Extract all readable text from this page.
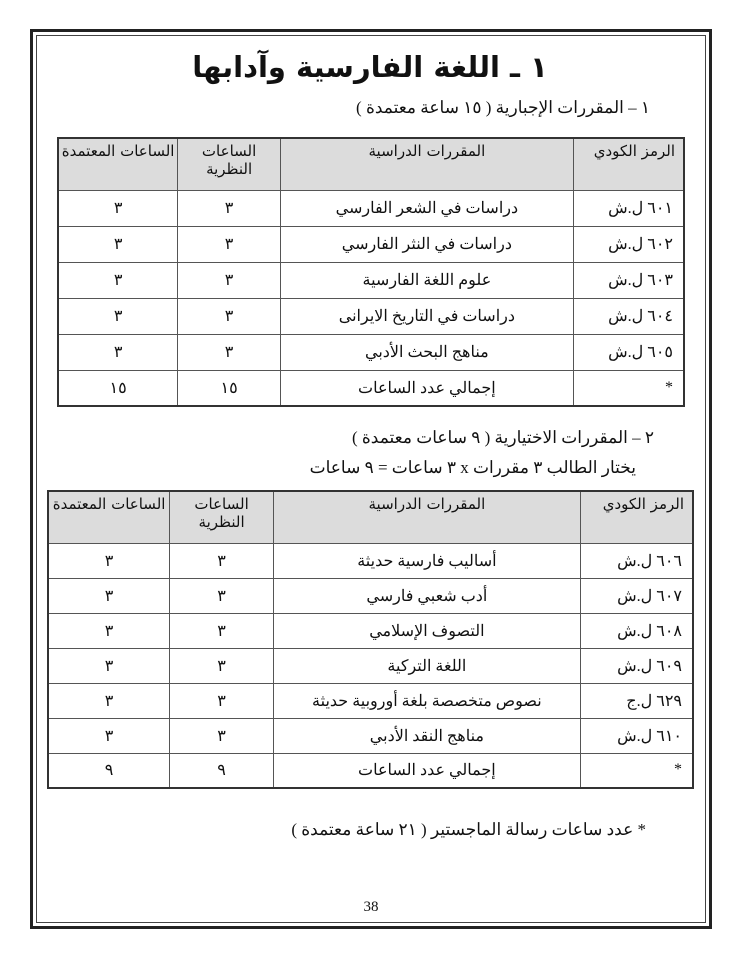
١ ـ اللغة الفارسية وآدابها

١ – المقررات الإجبارية ( ١٥ ساعة معتمدة )

الرمز الكودي	المقررات الدراسية	الساعات النظرية	الساعات المعتمدة
٦٠١ ل.ش	دراسات في الشعر الفارسي	٣	٣
٦٠٢ ل.ش	دراسات في النثر الفارسي	٣	٣
٦٠٣ ل.ش	علوم اللغة الفارسية	٣	٣
٦٠٤ ل.ش	دراسات في التاريخ الايرانى	٣	٣
٦٠٥ ل.ش	مناهج البحث الأدبي	٣	٣
*	إجمالي عدد الساعات	١٥	١٥

٢ – المقررات الاختيارية ( ٩ ساعات معتمدة )

يختار الطالب ٣ مقررات x ٣ ساعات = ٩ ساعات

الرمز الكودي	المقررات الدراسية	الساعات النظرية	الساعات المعتمدة
٦٠٦ ل.ش	أساليب فارسية حديثة	٣	٣
٦٠٧ ل.ش	أدب شعبي فارسي	٣	٣
٦٠٨ ل.ش	التصوف الإسلامي	٣	٣
٦٠٩ ل.ش	اللغة التركية	٣	٣
٦٢٩ ل.ج	نصوص متخصصة بلغة أوروبية حديثة	٣	٣
٦١٠ ل.ش	مناهج النقد الأدبي	٣	٣
*	إجمالي عدد الساعات	٩	٩

* عدد ساعات رسالة الماجستير ( ٢١ ساعة معتمدة )

38
